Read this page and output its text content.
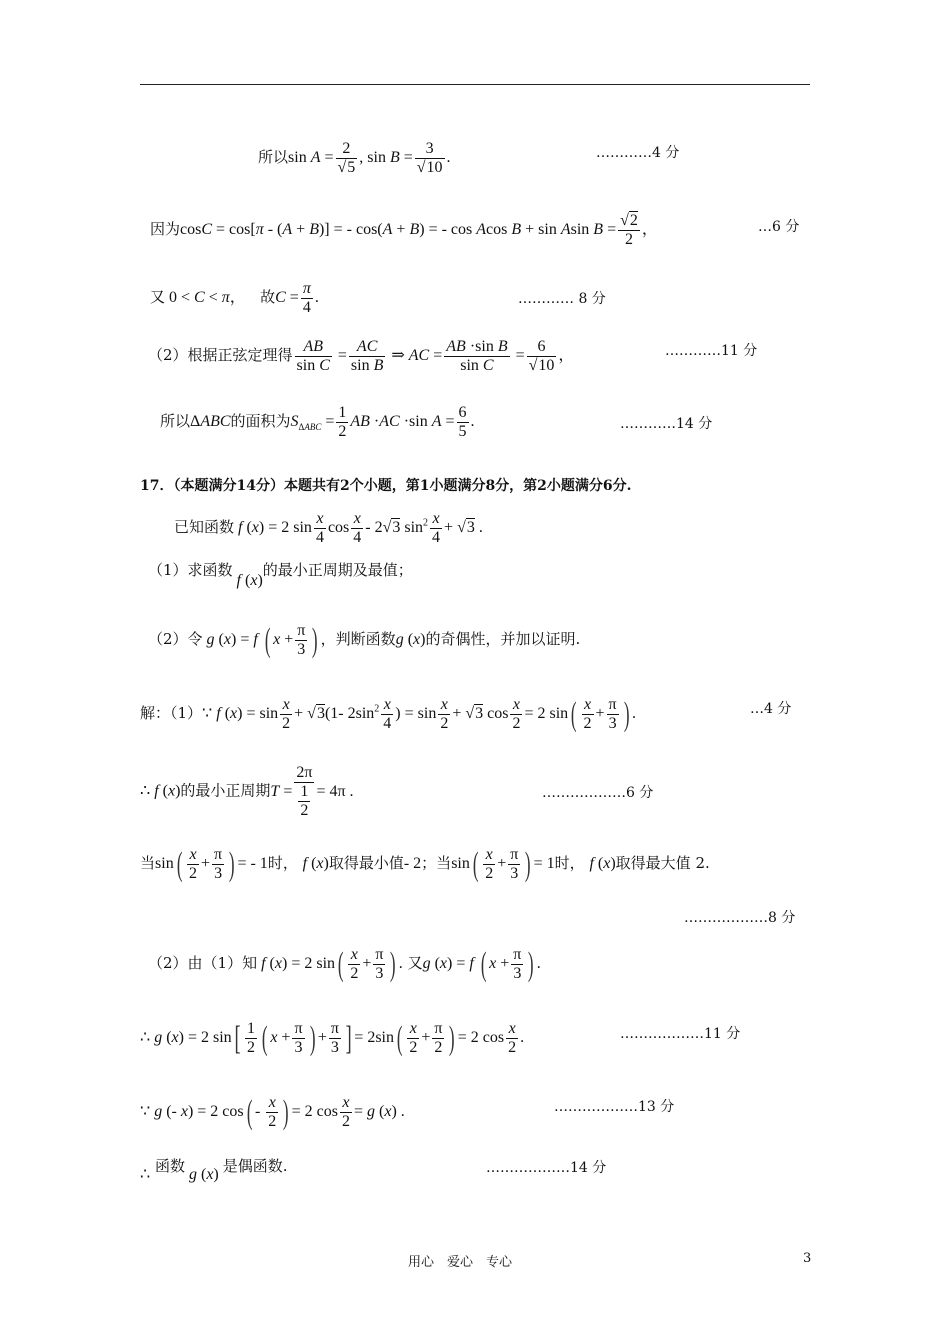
所以$\sin A = \frac{2}{√5}$ , $\sin B = \frac{3}{√10}$ .	…………4 分
因为cosC = cos[π - (A + B)] = - cos(A + B) = - cos Acos B + sin Asin $B = \frac{√2}{2}$ ，	…6 分
又 0 < C < π， 故$C = \frac{\pi}{4}$ .	………… 8 分
（2）根据正弦定理得 $\frac{AB}{\text{sin C}} = \frac{AC}{\text{sin B}}$ ⇒ AC = $\frac{\text{AB ·sin B}}{\text{sin C}} = \frac{6}{√10}$ ，	…………11 分
所以ΔABC的面积为$S_{\Delta ABC} = \frac{1}{2}$ AB ·AC ·sin $A = \frac{6}{5}$ .	…………14 分
17．（本题满分14分）本题共有2个小题，第1小题满分8分，第2小题满分6分.
已知函数 f (x) = 2 $\sin \frac{x}{4}$ $\cos \frac{x}{4} - 2√3$ $\sin^2 \frac{x}{4} + √3$ .
（1）求函数 f (x)的最小正周期及最值；
（2）令 g (x) = f ( $x + \frac{\pi}{3}$ ) ，判断函数g (x)的奇偶性，并加以证明.
解：（1）∵ f $(x) = \sin \frac{x}{2} + √3(1-$ $2\sin^2 \frac{x}{4}$ ) = $\sin \frac{x}{2} + √3$ $\cos \frac{x}{2} = 2$ $\sin( \frac{x}{2} + \frac{\pi}{3}$ ) .	…4 分
∴ f (x)的最小正周期$T = \frac{2\pi}{\frac{1}{2}} = 4\pi$ .	………………6 分
当$\sin( \frac{x}{2} + \frac{\pi}{3}$ ) = - 1时， f (x)取得最小值- 2；当$\sin( \frac{x}{2} + \frac{\pi}{3}$ ) = 1时， f (x)取得最大值 2.
………………8 分
（2）由（1）知 f (x) = 2 $\sin( \frac{x}{2} + \frac{\pi}{3}$ ) . 又g (x) = f ( $x + \frac{\pi}{3}$ ) .
∴ g (x) = 2 $\sin[ \frac{1}{2}$ ( $x + \frac{\pi}{3}$ ) + $\frac{\pi}{3}$ ] = $2\sin( \frac{x}{2} + \frac{\pi}{2}$ ) = 2 $\cos \frac{x}{2}$ .	………………11 分
∵ g (- x) = 2 $\cos( - \frac{x}{2}$ ) = 2 $\cos \frac{x}{2} = g$ (x) .	………………13 分
∴ 函数 g (x) 是偶函数.	………………14 分
用心　爱心　专心	3
